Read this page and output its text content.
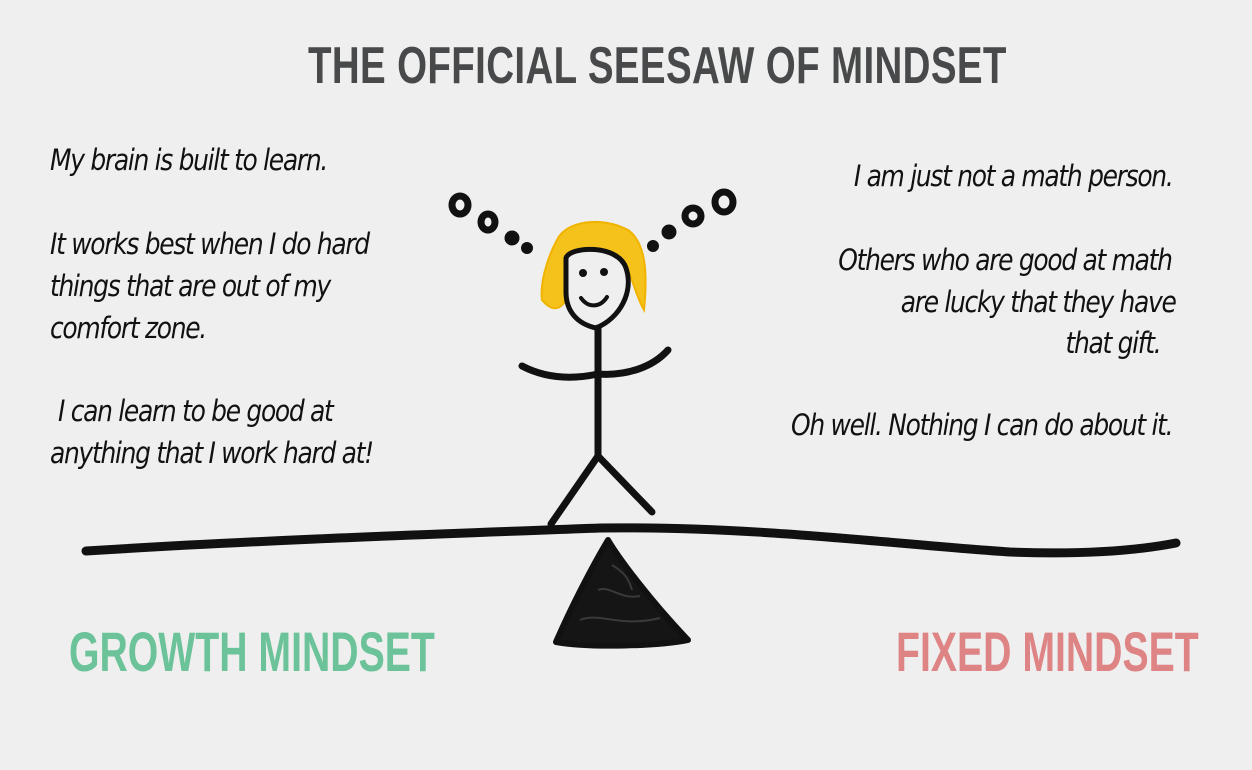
THE OFFICIAL SEESAW OF MINDSET
My brain is built to learn.
It works best when I do hard
things that are out of my
comfort zone.
I can learn to be good at
anything that I work hard at!
I am just not a math person.
Others who are good at math
are lucky that they have
that gift.
Oh well. Nothing I can do about it.
GROWTH MINDSET	FIXED MINDSET
